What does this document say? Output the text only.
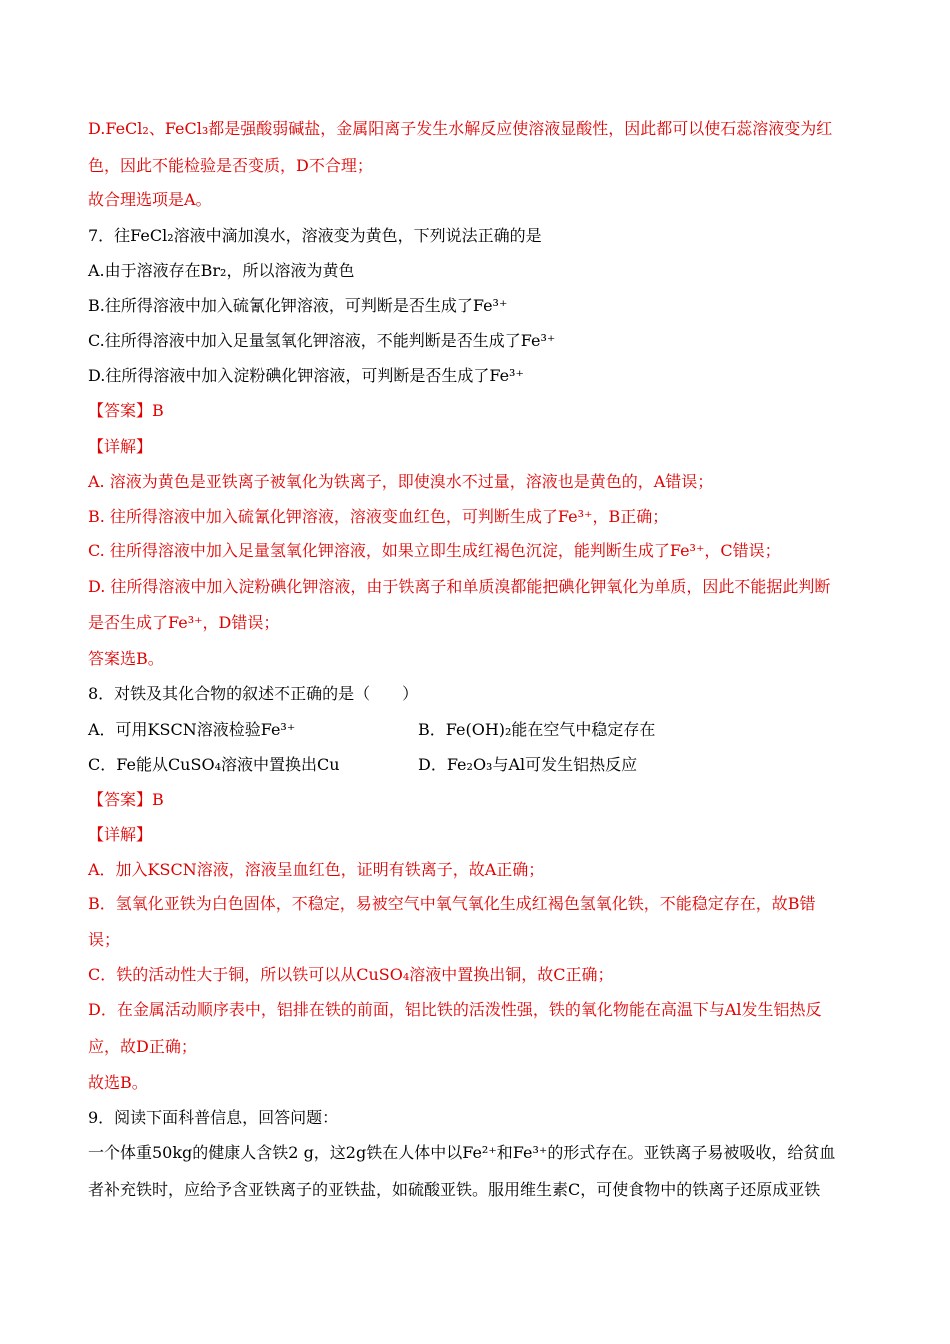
D.FeCl₂、FeCl₃都是强酸弱碱盐，金属阳离子发生水解反应使溶液显酸性，因此都可以使石蕊溶液变为红
色，因此不能检验是否变质，D不合理；
故合理选项是A。
7．往FeCl₂溶液中滴加溴水，溶液变为黄色，下列说法正确的是
A.由于溶液存在Br₂，所以溶液为黄色
B.往所得溶液中加入硫氰化钾溶液，可判断是否生成了Fe³⁺
C.往所得溶液中加入足量氢氧化钾溶液，不能判断是否生成了Fe³⁺
D.往所得溶液中加入淀粉碘化钾溶液，可判断是否生成了Fe³⁺
【答案】B
【详解】
A. 溶液为黄色是亚铁离子被氧化为铁离子，即使溴水不过量，溶液也是黄色的，A错误；
B. 往所得溶液中加入硫氰化钾溶液，溶液变血红色，可判断生成了Fe³⁺，B正确；
C. 往所得溶液中加入足量氢氧化钾溶液，如果立即生成红褐色沉淀，能判断生成了Fe³⁺，C错误；
D. 往所得溶液中加入淀粉碘化钾溶液，由于铁离子和单质溴都能把碘化钾氧化为单质，因此不能据此判断
是否生成了Fe³⁺，D错误；
答案选B。
8．对铁及其化合物的叙述不正确的是（　　）
A．可用KSCN溶液检验Fe³⁺	B．Fe(OH)₂能在空气中稳定存在
C．Fe能从CuSO₄溶液中置换出Cu	D．Fe₂O₃与Al可发生铝热反应
【答案】B
【详解】
A．加入KSCN溶液，溶液呈血红色，证明有铁离子，故A正确；
B．氢氧化亚铁为白色固体，不稳定，易被空气中氧气氧化生成红褐色氢氧化铁，不能稳定存在，故B错
误；
C．铁的活动性大于铜，所以铁可以从CuSO₄溶液中置换出铜，故C正确；
D．在金属活动顺序表中，铝排在铁的前面，铝比铁的活泼性强，铁的氧化物能在高温下与Al发生铝热反
应，故D正确；
故选B。
9．阅读下面科普信息，回答问题：
一个体重50kg的健康人含铁2 g，这2g铁在人体中以Fe²⁺和Fe³⁺的形式存在。亚铁离子易被吸收，给贫血
者补充铁时，应给予含亚铁离子的亚铁盐，如硫酸亚铁。服用维生素C，可使食物中的铁离子还原成亚铁
